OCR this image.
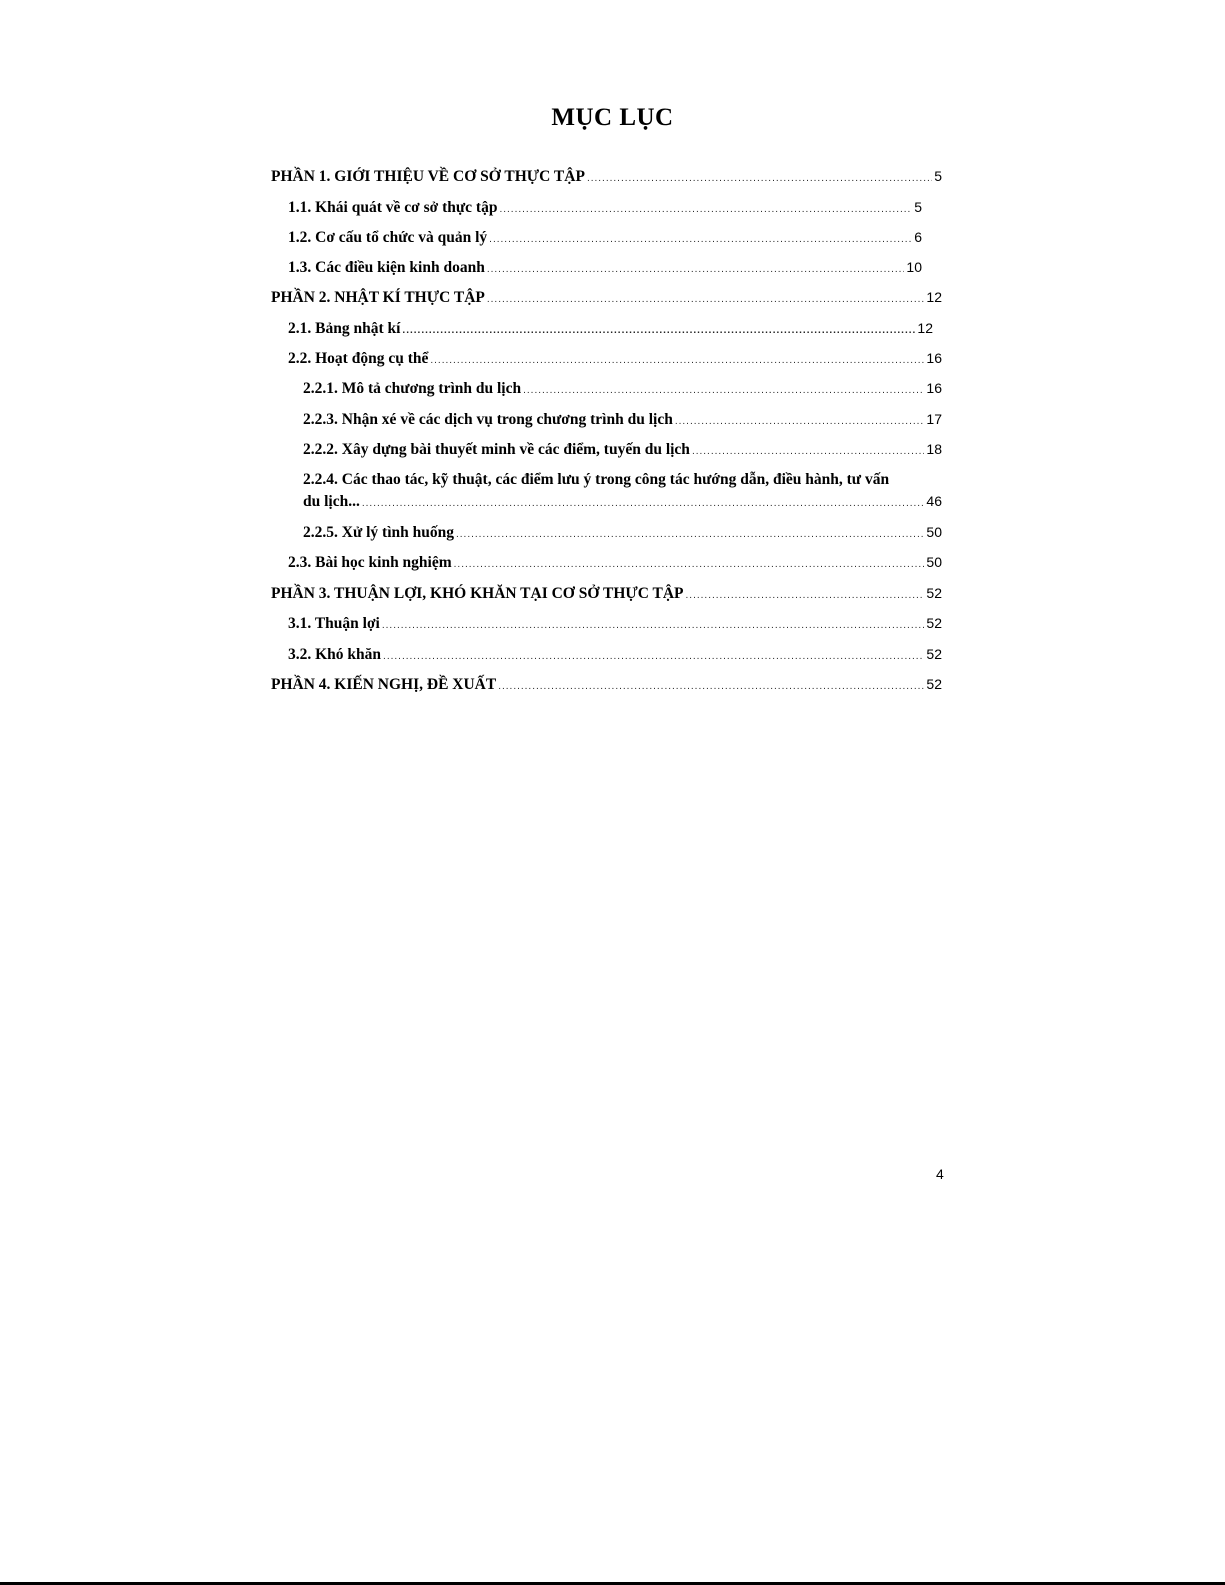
MỤC LỤC
PHẦN 1. GIỚI THIỆU VỀ CƠ SỞ THỰC TẬP .....	5
1.1. Khái quát về cơ sở thực tập .....	5
1.2. Cơ cấu tổ chức và quản lý .....	6
1.3. Các điều kiện kinh doanh .....	10
PHẦN 2. NHẬT KÍ THỰC TẬP .....	12
2.1. Bảng nhật kí .....	12
2.2. Hoạt động cụ thể .....	16
2.2.1. Mô tả chương trình du lịch .....	16
2.2.3. Nhận xé về các dịch vụ trong chương trình du lịch .....	17
2.2.2. Xây dựng bài thuyết minh về các điểm, tuyến du lịch .....	18
2.2.4. Các thao tác, kỹ thuật, các điểm lưu ý trong công tác hướng dẫn, điều hành, tư vấn
du lịch... .....	46
2.2.5. Xử lý tình huống .....	50
2.3. Bài học kinh nghiệm .....	50
PHẦN 3. THUẬN LỢI, KHÓ KHĂN TẠI CƠ SỞ THỰC TẬP .....	52
3.1. Thuận lợi .....	52
3.2. Khó khăn .....	52
PHẦN 4. KIẾN NGHỊ, ĐỀ XUẤT .....	52
4
